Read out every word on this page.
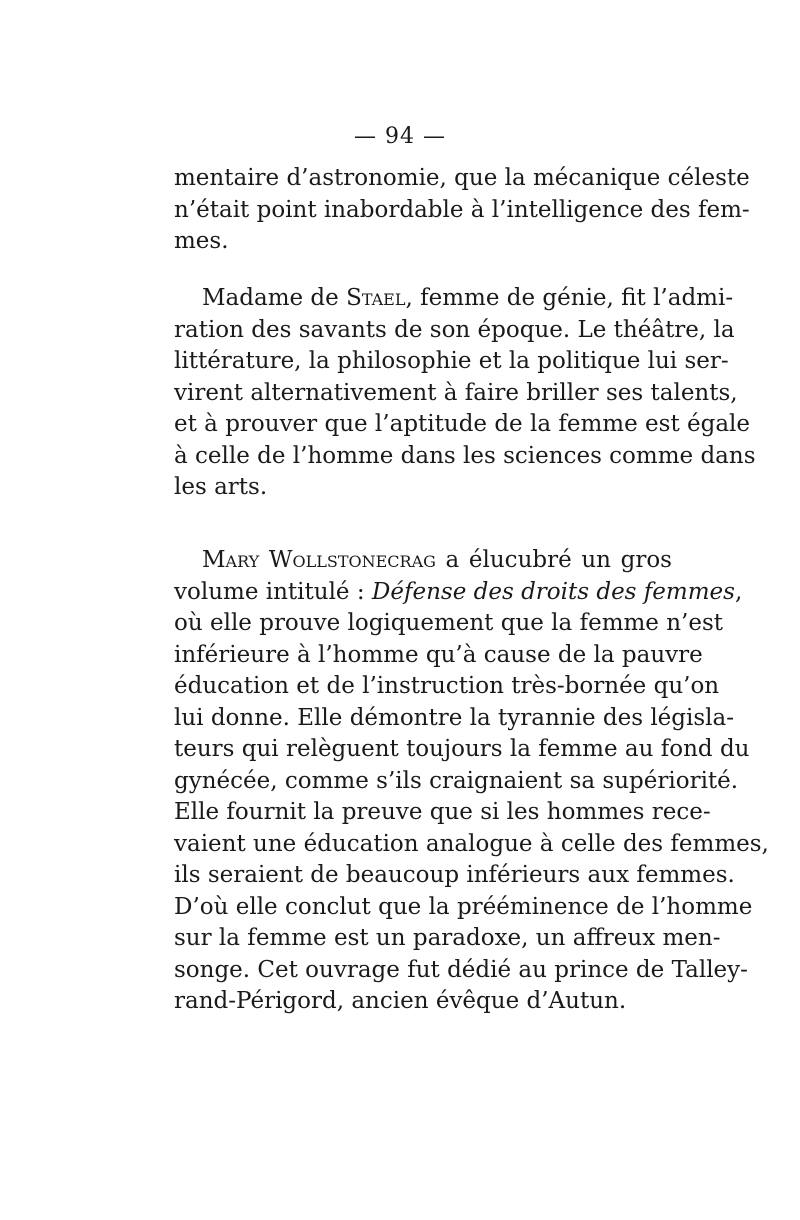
— 94 —
mentaire d’astronomie, que la mécanique céleste
n’était point inabordable à l’intelligence des fem-
mes.
Madame de Stael, femme de génie, fit l’admi-
ration des savants de son époque. Le théâtre, la
littérature, la philosophie et la politique lui ser-
virent alternativement à faire briller ses talents,
et à prouver que l’aptitude de la femme est égale
à celle de l’homme dans les sciences comme dans
les arts.
Mary Wollstonecrag a élucubré un gros
volume intitulé : Défense des droits des femmes,
où elle prouve logiquement que la femme n’est
inférieure à l’homme qu’à cause de la pauvre
éducation et de l’instruction très-bornée qu’on
lui donne. Elle démontre la tyrannie des législa-
teurs qui relèguent toujours la femme au fond du
gynécée, comme s’ils craignaient sa supériorité.
Elle fournit la preuve que si les hommes rece-
vaient une éducation analogue à celle des femmes,
ils seraient de beaucoup inférieurs aux femmes.
D’où elle conclut que la prééminence de l’homme
sur la femme est un paradoxe, un affreux men-
songe. Cet ouvrage fut dédié au prince de Talley-
rand-Périgord, ancien évêque d’Autun.
